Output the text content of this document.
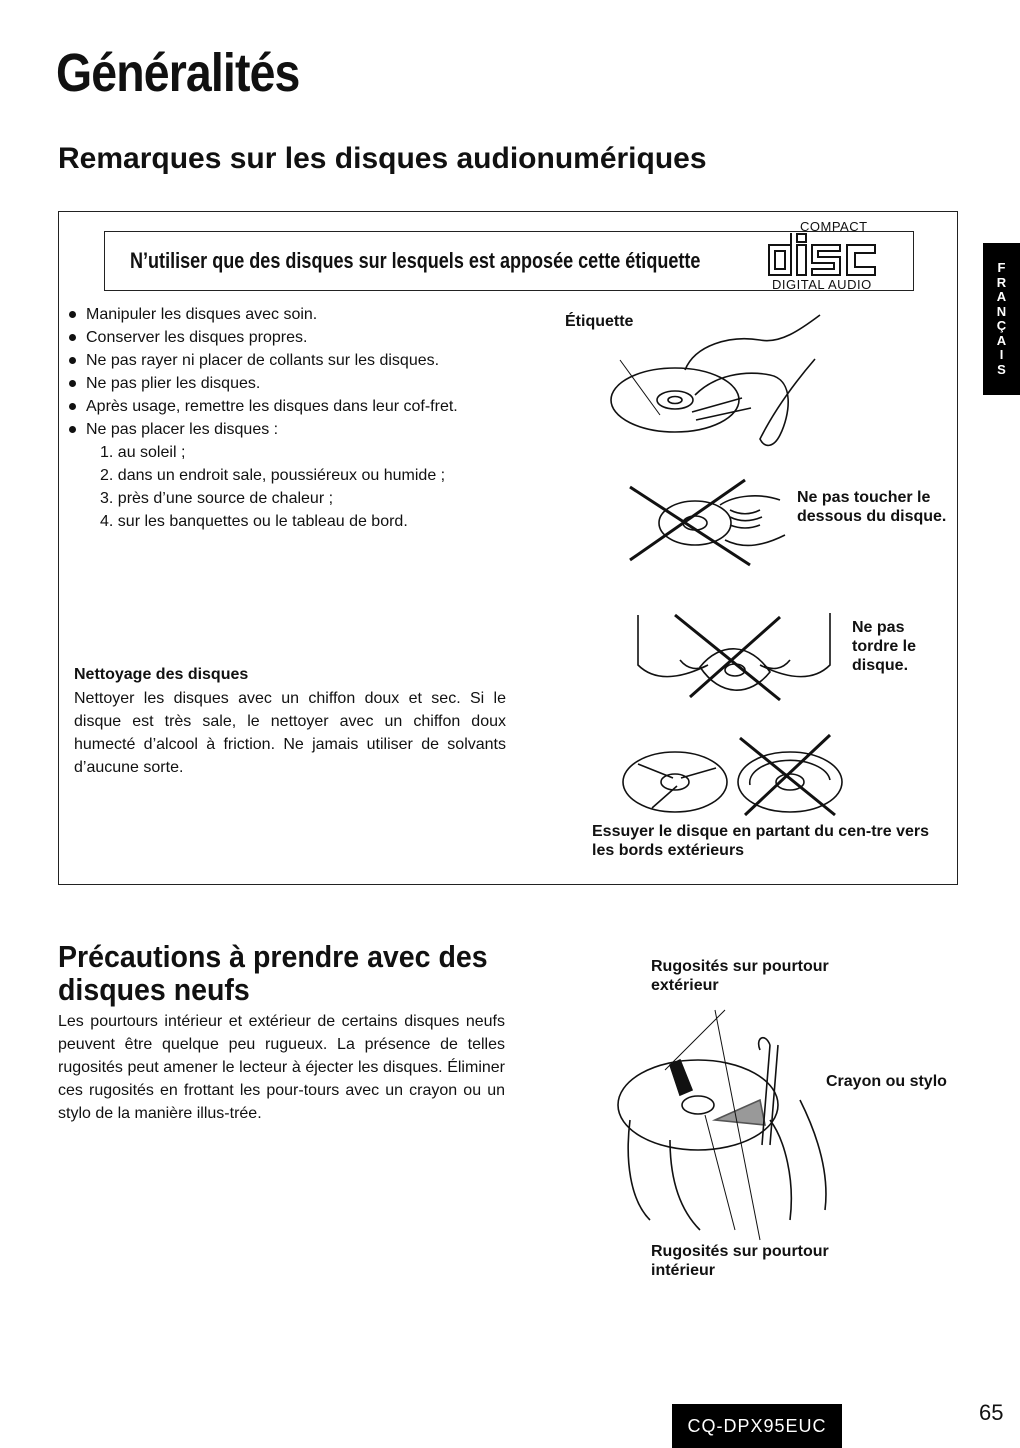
Généralités
Remarques sur les disques audionumériques
N’utiliser que des disques sur lesquels est apposée cette étiquette
COMPACT
DIGITAL AUDIO
Manipuler les disques avec soin.
Conserver les disques propres.
Ne pas rayer ni placer de collants sur les disques.
Ne pas plier les disques.
Après usage, remettre les disques dans leur cof-fret.
Ne pas placer les disques :
1. au soleil ;
2. dans un endroit sale, poussiéreux ou humide ;
3. près d’une source de chaleur ;
4. sur les banquettes ou le tableau de bord.
Nettoyage des disques
Nettoyer les disques avec un chiffon doux et sec. Si le disque est très sale, le nettoyer avec un chiffon doux humecté d’alcool à friction. Ne jamais utiliser de solvants d’aucune sorte.
Étiquette
Ne pas toucher le dessous du disque.
Ne pas tordre le disque.
Essuyer le disque en partant du cen-tre vers les bords extérieurs
Précautions à prendre avec des disques neufs
Les pourtours intérieur et extérieur de certains disques neufs peuvent être quelque peu rugueux. La présence de telles rugosités peut amener le lecteur à éjecter les disques. Éliminer ces rugosités en frottant les pour-tours avec un crayon ou un stylo de la manière illus-trée.
Rugosités sur pourtour extérieur
Crayon ou stylo
Rugosités sur pourtour intérieur
F
R
A
N
Ç
A
I
S
CQ-DPX95EUC
65
